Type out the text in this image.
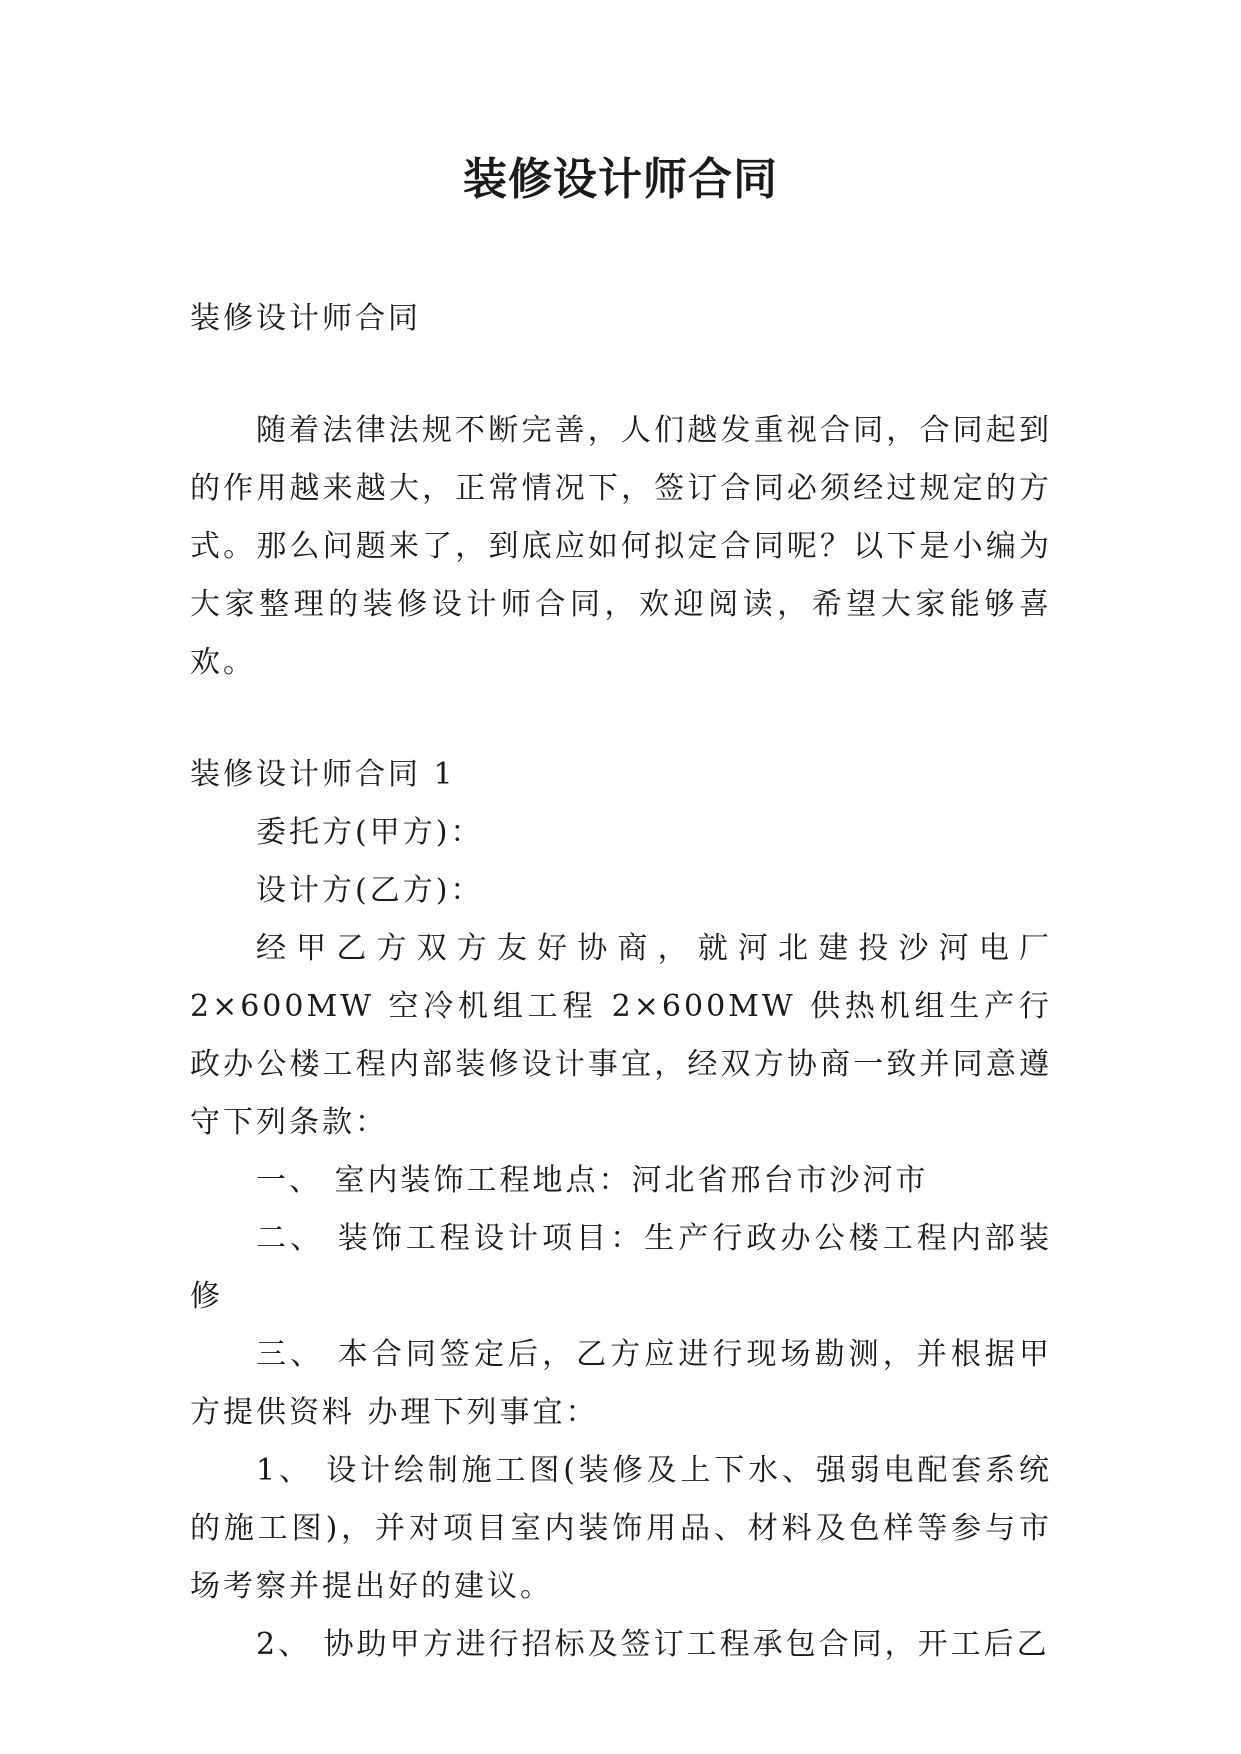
装修设计师合同

装修设计师合同

随着法律法规不断完善，人们越发重视合同，合同起到的作用越来越大，正常情况下，签订合同必须经过规定的方式。那么问题来了，到底应如何拟定合同呢？以下是小编为大家整理的装修设计师合同，欢迎阅读，希望大家能够喜欢。

装修设计师合同 1

委托方(甲方)：

设计方(乙方)：

经甲乙方双方友好协商，就河北建投沙河电厂 2×600MW 空冷机组工程 2×600MW 供热机组生产行政办公楼工程内部装修设计事宜，经双方协商一致并同意遵守下列条款：

一、 室内装饰工程地点：河北省邢台市沙河市

二、 装饰工程设计项目：生产行政办公楼工程内部装修

三、 本合同签定后，乙方应进行现场勘测，并根据甲方提供资料 办理下列事宜：

1、 设计绘制施工图(装修及上下水、强弱电配套系统的施工图)，并对项目室内装饰用品、材料及色样等参与市场考察并提出好的建议。

2、 协助甲方进行招标及签订工程承包合同，开工后乙
